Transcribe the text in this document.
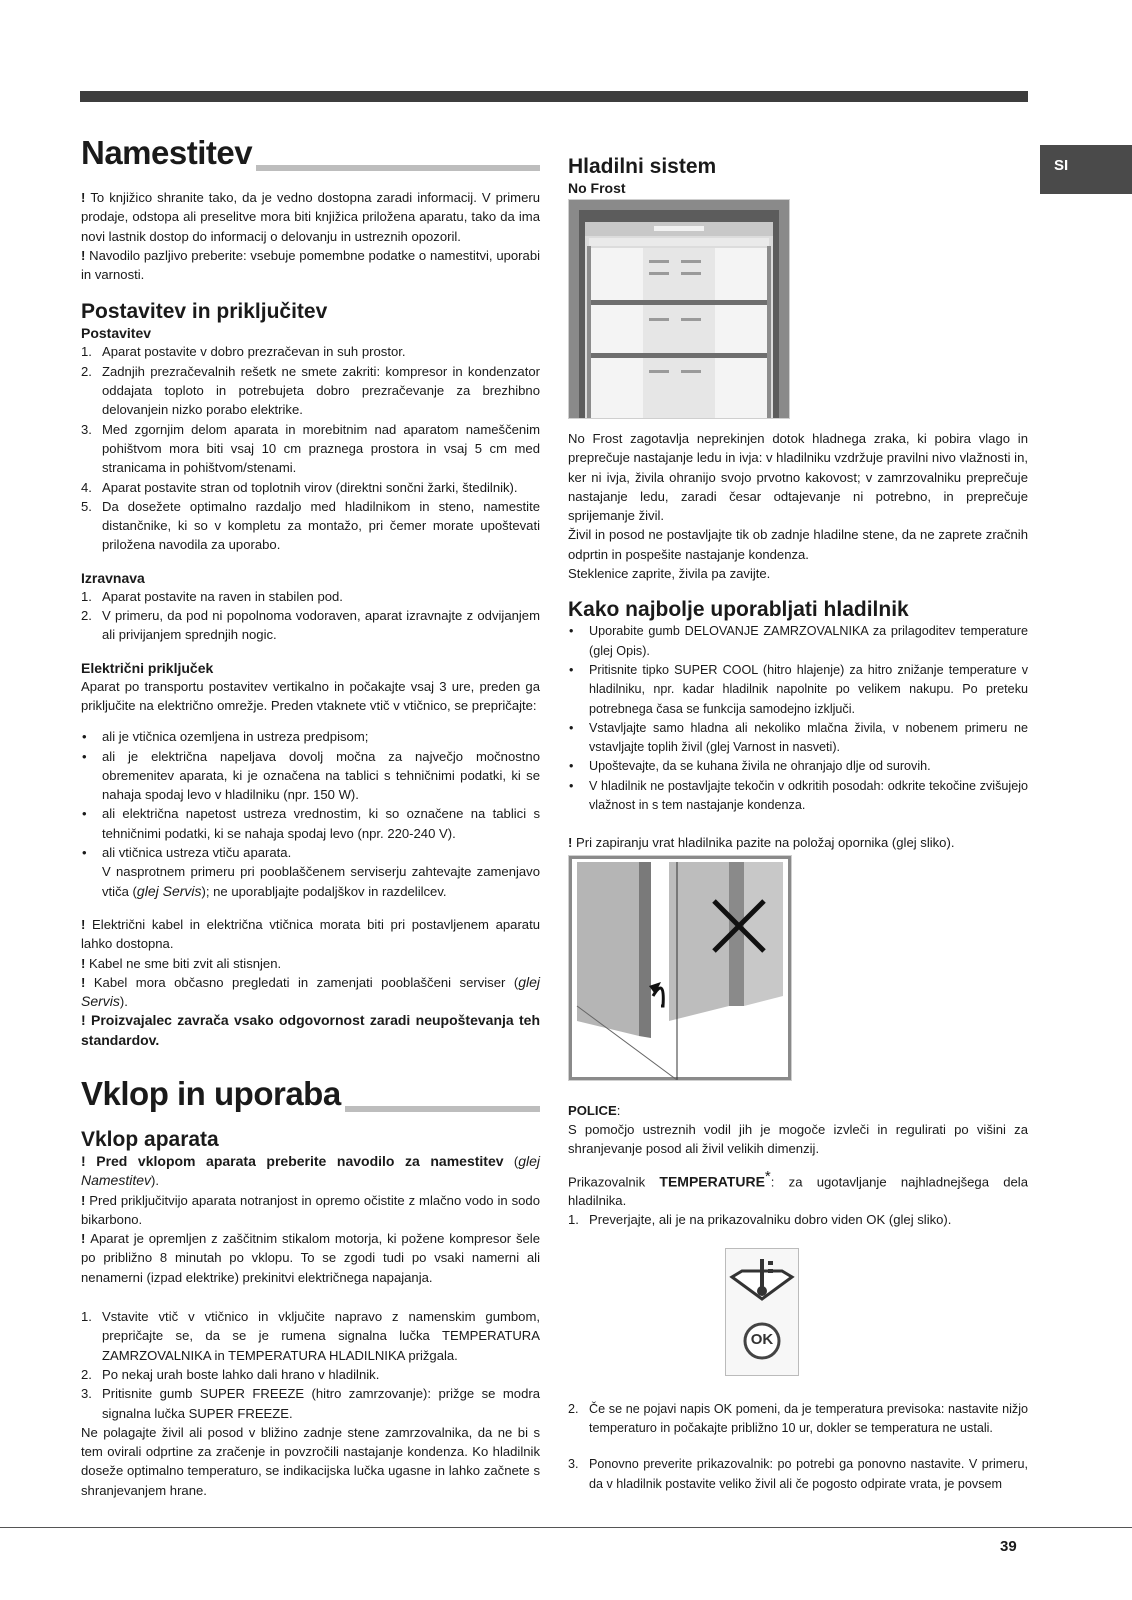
SI
Namestitev

! To knjižico shranite tako, da je vedno dostopna zaradi informacij. V primeru prodaje, odstopa ali preselitve mora biti knjižica priložena aparatu, tako da ima novi lastnik dostop do informacij o delovanju in ustreznih opozoril.

! Navodilo pazljivo preberite: vsebuje pomembne podatke o namestitvi, uporabi in varnosti.

Postavitev in priključitev
Postavitev
1. Aparat postavite v dobro prezračevan in suh prostor.
2. Zadnjih prezračevalnih rešetk ne smete zakriti: kompresor in kondenzator oddajata toploto in potrebujeta dobro prezračevanje za brezhibno delovanjein nizko porabo elektrike.
3. Med zgornjim delom aparata in morebitnim nad aparatom nameščenim pohištvom mora biti vsaj 10 cm praznega prostora in vsaj 5 cm med stranicama in pohištvom/stenami.
4. Aparat postavite stran od toplotnih virov (direktni sončni žarki, štedilnik).
5. Da dosežete optimalno razdaljo med hladilnikom in steno, namestite distančnike, ki so v kompletu za montažo, pri čemer morate upoštevati priložena navodila za uporabo.
Izravnava
1. Aparat postavite na raven in stabilen pod.
2. V primeru, da pod ni popolnoma vodoraven, aparat izravnajte z odvijanjem ali privijanjem sprednjih nogic.
Električni priključek

Aparat po transportu postavitev vertikalno in počakajte vsaj 3 ure, preden ga priključite na električno omrežje. Preden vtaknete vtič v vtičnico, se prepričajte:

• ali je vtičnica ozemljena in ustreza predpisom;
• ali je električna napeljava dovolj močna za največjo močnostno obremenitev aparata, ki je označena na tablici s tehničnimi podatki, ki se nahaja spodaj levo v hladilniku (npr. 150 W).
• ali električna napetost ustreza vrednostim, ki so označene na tablici s tehničnimi podatki, ki se nahaja spodaj levo (npr. 220-240 V).
• ali vtičnica ustreza vtiču aparata.

V nasprotnem primeru pri pooblaščenem serviserju zahtevajte zamenjavo vtiča (glej Servis); ne uporabljajte podaljškov in razdelilcev.

! Električni kabel in električna vtičnica morata biti pri postavljenem aparatu lahko dostopna.

! Kabel ne sme biti zvit ali stisnjen.

! Kabel mora občasno pregledati in zamenjati pooblaščeni serviser (glej Servis).

! Proizvajalec zavrača vsako odgovornost zaradi neupoštevanja teh standardov.

Vklop in uporaba
Vklop aparata

! Pred vklopom aparata preberite navodilo za namestitev (glej Namestitev).

! Pred priključitvijo aparata notranjost in opremo očistite z mlačno vodo in sodo bikarbono.

! Aparat je opremljen z zaščitnim stikalom motorja, ki požene kompresor šele po približno 8 minutah po vklopu. To se zgodi tudi po vsaki namerni ali nenamerni (izpad elektrike) prekinitvi električnega napajanja.

1. Vstavite vtič v vtičnico in vključite napravo z namenskim gumbom, prepričajte se, da se je rumena signalna lučka TEMPERATURA ZAMRZOVALNIKA in TEMPERATURA HLADILNIKA prižgala.
2. Po nekaj urah boste lahko dali hrano v hladilnik.
3. Pritisnite gumb SUPER FREEZE (hitro zamrzovanje): prižge se modra signalna lučka SUPER FREEZE.

Ne polagajte živil ali posod v bližino zadnje stene zamrzovalnika, da ne bi s tem ovirali odprtine za zračenje in povzročili nastajanje kondenza. Ko hladilnik doseže optimalno temperaturo, se indikacijska lučka ugasne in lahko začnete s shranjevanjem hrane.

Hladilni sistem
No Frost

No Frost zagotavlja neprekinjen dotok hladnega zraka, ki pobira vlago in preprečuje nastajanje ledu in ivja: v hladilniku vzdržuje pravilni nivo vlažnosti in, ker ni ivja, živila ohranijo svojo prvotno kakovost; v zamrzovalniku preprečuje nastajanje ledu, zaradi česar odtajevanje ni potrebno, in preprečuje sprijemanje živil.

Živil in posod ne postavljajte tik ob zadnje hladilne stene, da ne zaprete zračnih odprtin in pospešite nastajanje kondenza.

Steklenice zaprite, živila pa zavijte.

Kako najbolje uporabljati hladilnik
• Uporabite gumb DELOVANJE ZAMRZOVALNIKA za prilagoditev temperature (glej Opis).
• Pritisnite tipko SUPER COOL (hitro hlajenje) za hitro znižanje temperature v hladilniku, npr. kadar hladilnik napolnite po velikem nakupu. Po preteku potrebnega časa se funkcija samodejno izključi.
• Vstavljajte samo hladna ali nekoliko mlačna živila, v nobenem primeru ne vstavljajte toplih živil (glej Varnost in nasveti).
• Upoštevajte, da se kuhana živila ne ohranjajo dlje od surovih.
• V hladilnik ne postavljajte tekočin v odkritih posodah: odkrite tekočine zvišujejo vlažnost in s tem nastajanje kondenza.

! Pri zapiranju vrat hladilnika pazite na položaj opornika (glej sliko).

POLICE:

S pomočjo ustreznih vodil jih je mogoče izvleči in regulirati po višini za shranjevanje posod ali živil velikih dimenzij.

Prikazovalnik TEMPERATURE*: za ugotavljanje najhladnejšega dela hladilnika.

1. Preverjajte, ali je na prikazovalniku dobro viden OK (glej sliko).
OK
2. Če se ne pojavi napis OK pomeni, da je temperatura previsoka: nastavite nižjo temperaturo in počakajte približno 10 ur, dokler se temperatura ne ustali.
3. Ponovno preverite prikazovalnik: po potrebi ga ponovno nastavite. V primeru, da v hladilnik postavite veliko živil ali če pogosto odpirate vrata, je povsem
39
